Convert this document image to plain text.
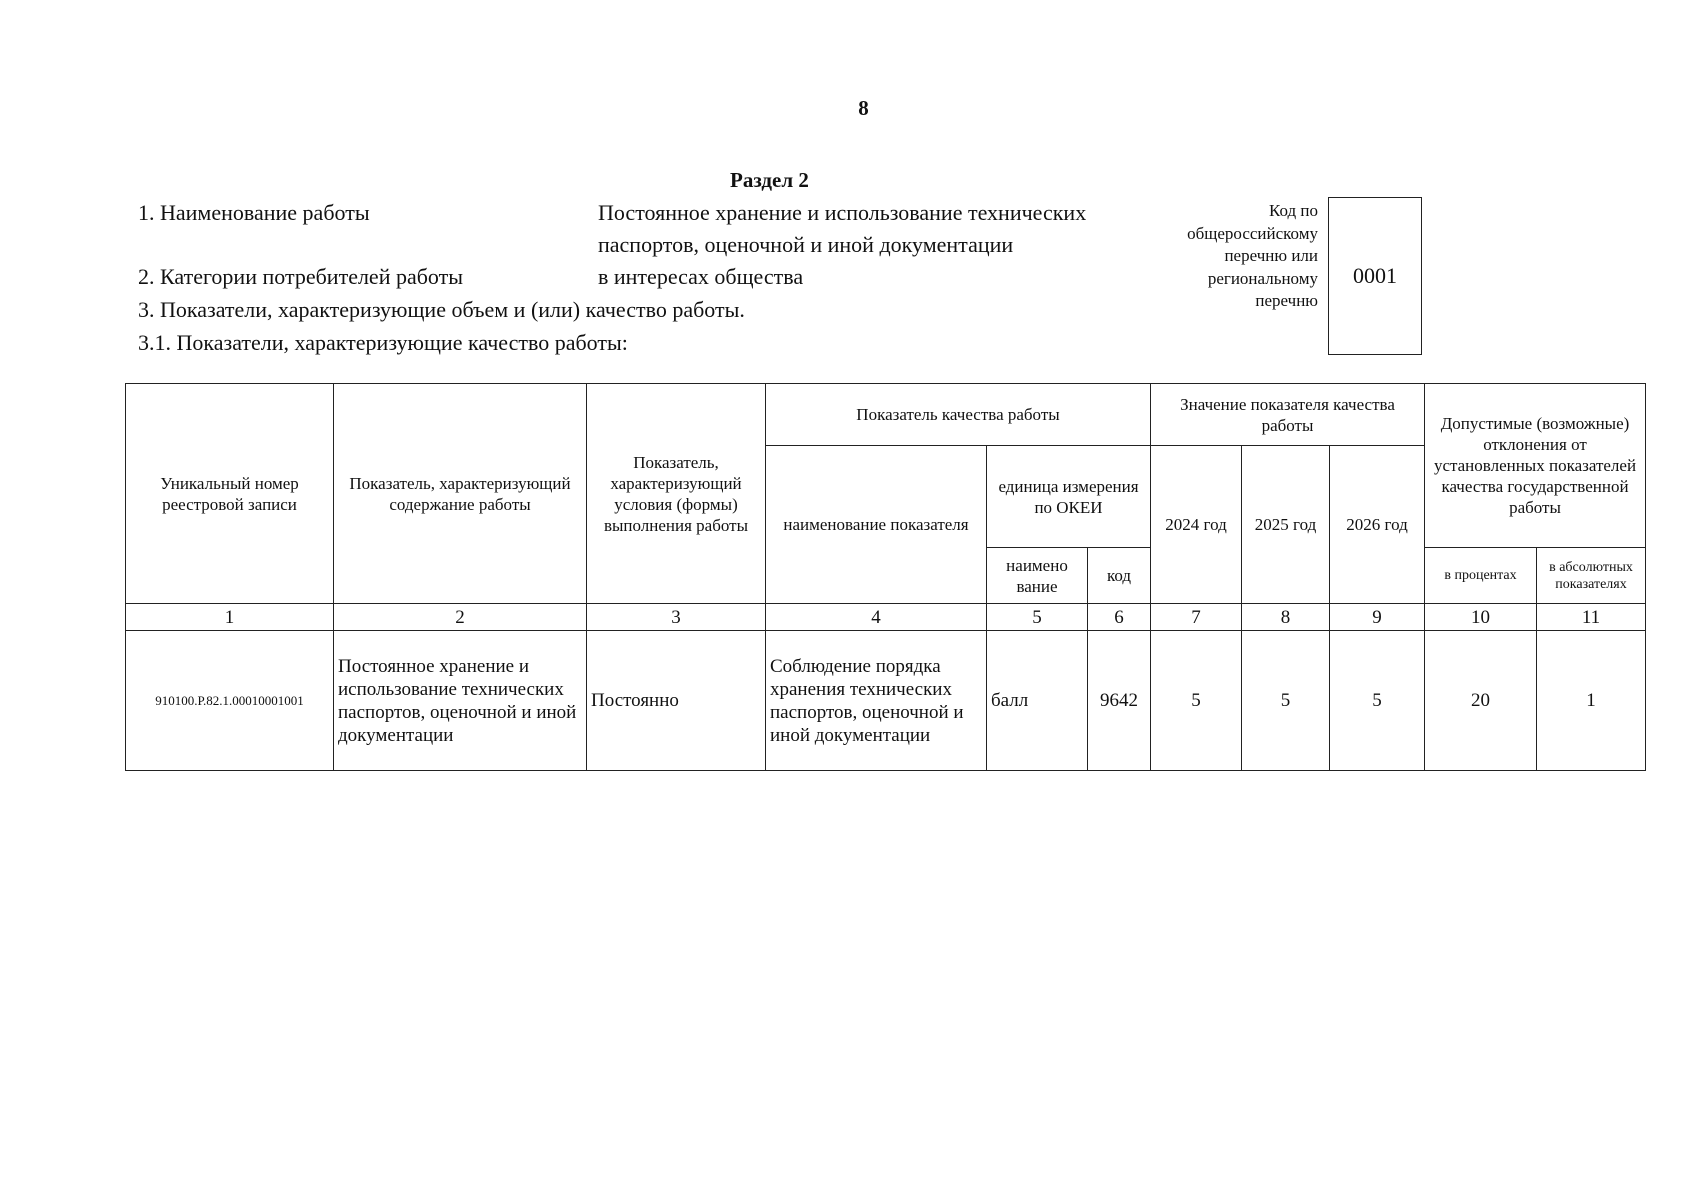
8
Раздел 2
1. Наименование работы	Постоянное хранение и использование технических
паспортов, оценочной и иной документации
2. Категории потребителей работы	в интересах общества
3. Показатели, характеризующие объем и (или) качество работы.
3.1. Показатели, характеризующие качество работы:
Код по
общероссийскому
перечню или
региональному
перечню
0001
Уникальный номер реестровой записи	Показатель, характеризующий содержание работы	Показатель, характеризующий условия (формы) выполнения работы	Показатель качества работы			Значение показателя качества работы			Допустимые (возможные) отклонения от установленных показателей качества государственной работы	
			наименование показателя	единица измерения по ОКЕИ		2024 год	2025 год	2026 год		
				наимено вание	код				в процентах	в абсолютных показателях
1	2	3	4	5	6	7	8	9	10	11
910100.Р.82.1.00010001001	Постоянное хранение и использование технических паспортов, оценочной и иной документации	Постоянно	Соблюдение порядка хранения технических паспортов, оценочной и иной документации	балл	9642	5	5	5	20	1
